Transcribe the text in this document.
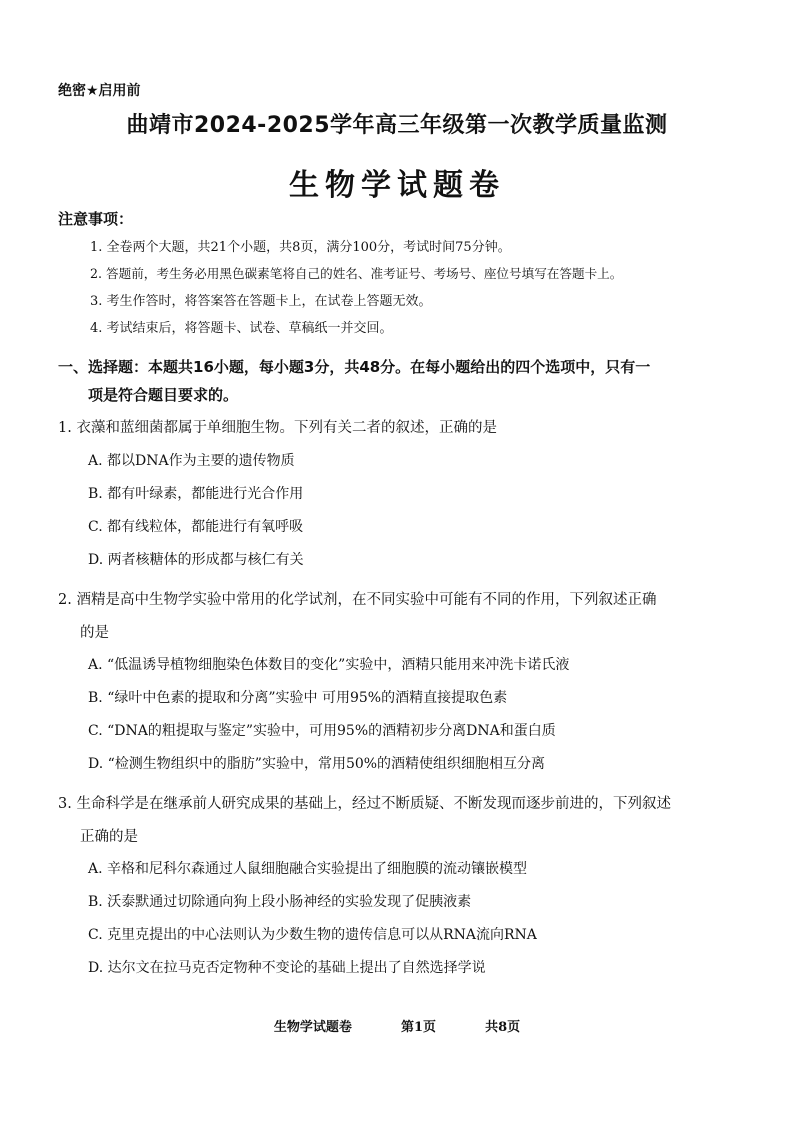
绝密★启用前
曲靖市2024-2025学年高三年级第一次教学质量监测
生物学试题卷
注意事项：
1. 全卷两个大题，共21个小题，共8页，满分100分，考试时间75分钟。
2. 答题前，考生务必用黑色碳素笔将自己的姓名、准考证号、考场号、座位号填写在答题卡上。
3. 考生作答时，将答案答在答题卡上，在试卷上答题无效。
4. 考试结束后，将答题卡、试卷、草稿纸一并交回。
一、选择题：本题共16小题，每小题3分，共48分。在每小题给出的四个选项中，只有一
项是符合题目要求的。
1. 衣藻和蓝细菌都属于单细胞生物。下列有关二者的叙述，正确的是
A. 都以DNA作为主要的遗传物质
B. 都有叶绿素，都能进行光合作用
C. 都有线粒体，都能进行有氧呼吸
D. 两者核糖体的形成都与核仁有关
2. 酒精是高中生物学实验中常用的化学试剂，在不同实验中可能有不同的作用，下列叙述正确
的是
A. “低温诱导植物细胞染色体数目的变化”实验中，酒精只能用来冲洗卡诺氏液
B. “绿叶中色素的提取和分离”实验中 可用95%的酒精直接提取色素
C. “DNA的粗提取与鉴定”实验中，可用95%的酒精初步分离DNA和蛋白质
D. “检测生物组织中的脂肪”实验中，常用50%的酒精使组织细胞相互分离
3. 生命科学是在继承前人研究成果的基础上，经过不断质疑、不断发现而逐步前进的，下列叙述
正确的是
A. 辛格和尼科尔森通过人鼠细胞融合实验提出了细胞膜的流动镶嵌模型
B. 沃泰默通过切除通向狗上段小肠神经的实验发现了促胰液素
C. 克里克提出的中心法则认为少数生物的遗传信息可以从RNA流向RNA
D. 达尔文在拉马克否定物种不变论的基础上提出了自然选择学说
生物学试题卷	第1页	共8页
